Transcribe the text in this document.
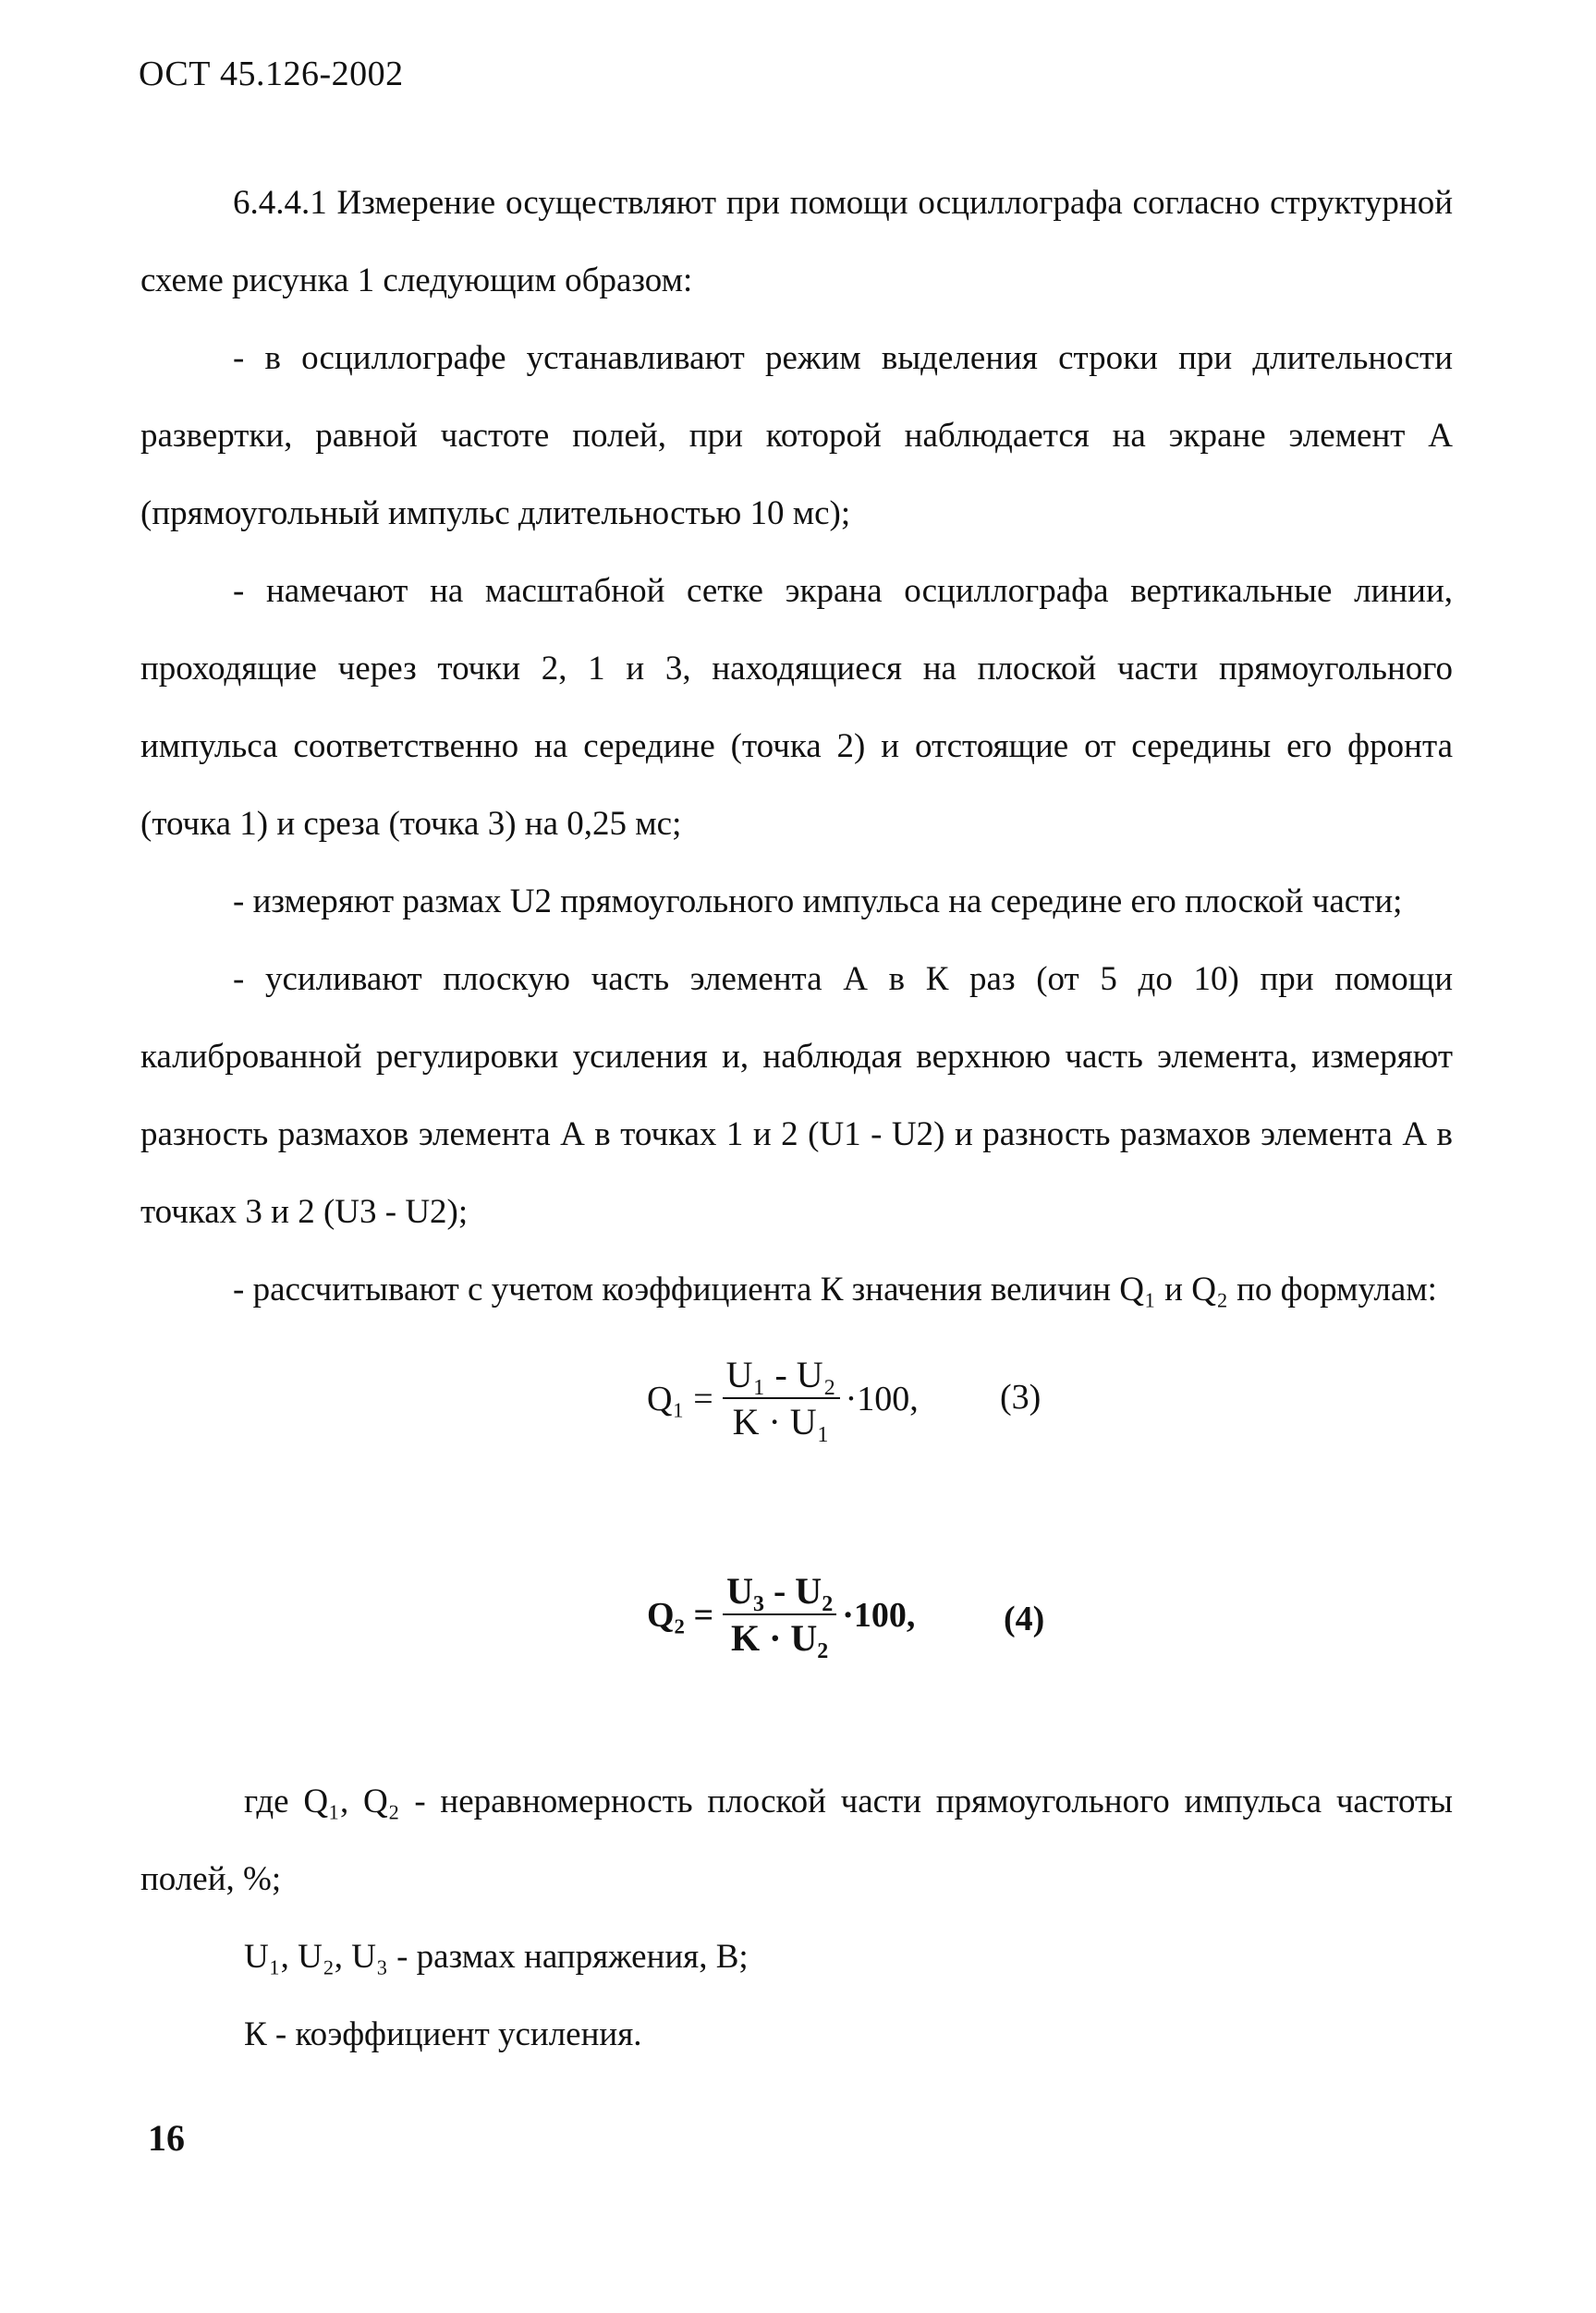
ОСТ 45.126-2002
6.4.4.1 Измерение осуществляют при помощи осциллографа согласно структурной схеме рисунка 1 следующим образом:
- в осциллографе устанавливают режим выделения строки при длительности развертки, равной частоте полей, при которой наблюдается на экране элемент А (прямоугольный импульс длительностью 10 мс);
- намечают на масштабной сетке экрана осциллографа вертикальные линии, проходящие через точки 2, 1 и 3, находящиеся на плоской части прямоугольного импульса соответственно на середине (точка 2) и отстоящие от середины его фронта (точка 1) и среза (точка 3) на 0,25 мс;
- измеряют размах U2 прямоугольного импульса на середине его плоской части;
- усиливают плоскую часть элемента А в К раз (от 5 до 10) при помощи калиброванной регулировки усиления и, наблюдая верхнюю часть элемента, измеряют разность размахов элемента А в точках 1 и 2 (U1 - U2) и разность размахов элемента А в точках 3 и 2 (U3 - U2);
- рассчитывают с учетом коэффициента К значения величин Q₁ и Q₂ по формулам:
$Q_1 = \frac{\text{U₁ - U₂}}{\text{K · U₁}} \cdot 100$, (3)
$Q_2 = \frac{\text{U₃ - U₂}}{\text{K · U₂}} \cdot 100$,	(4)
где Q₁, Q₂ - неравномерность плоской части прямоугольного импульса частоты полей, %;
U₁, U₂, U₃ - размах напряжения, В;
К - коэффициент усиления.
16
